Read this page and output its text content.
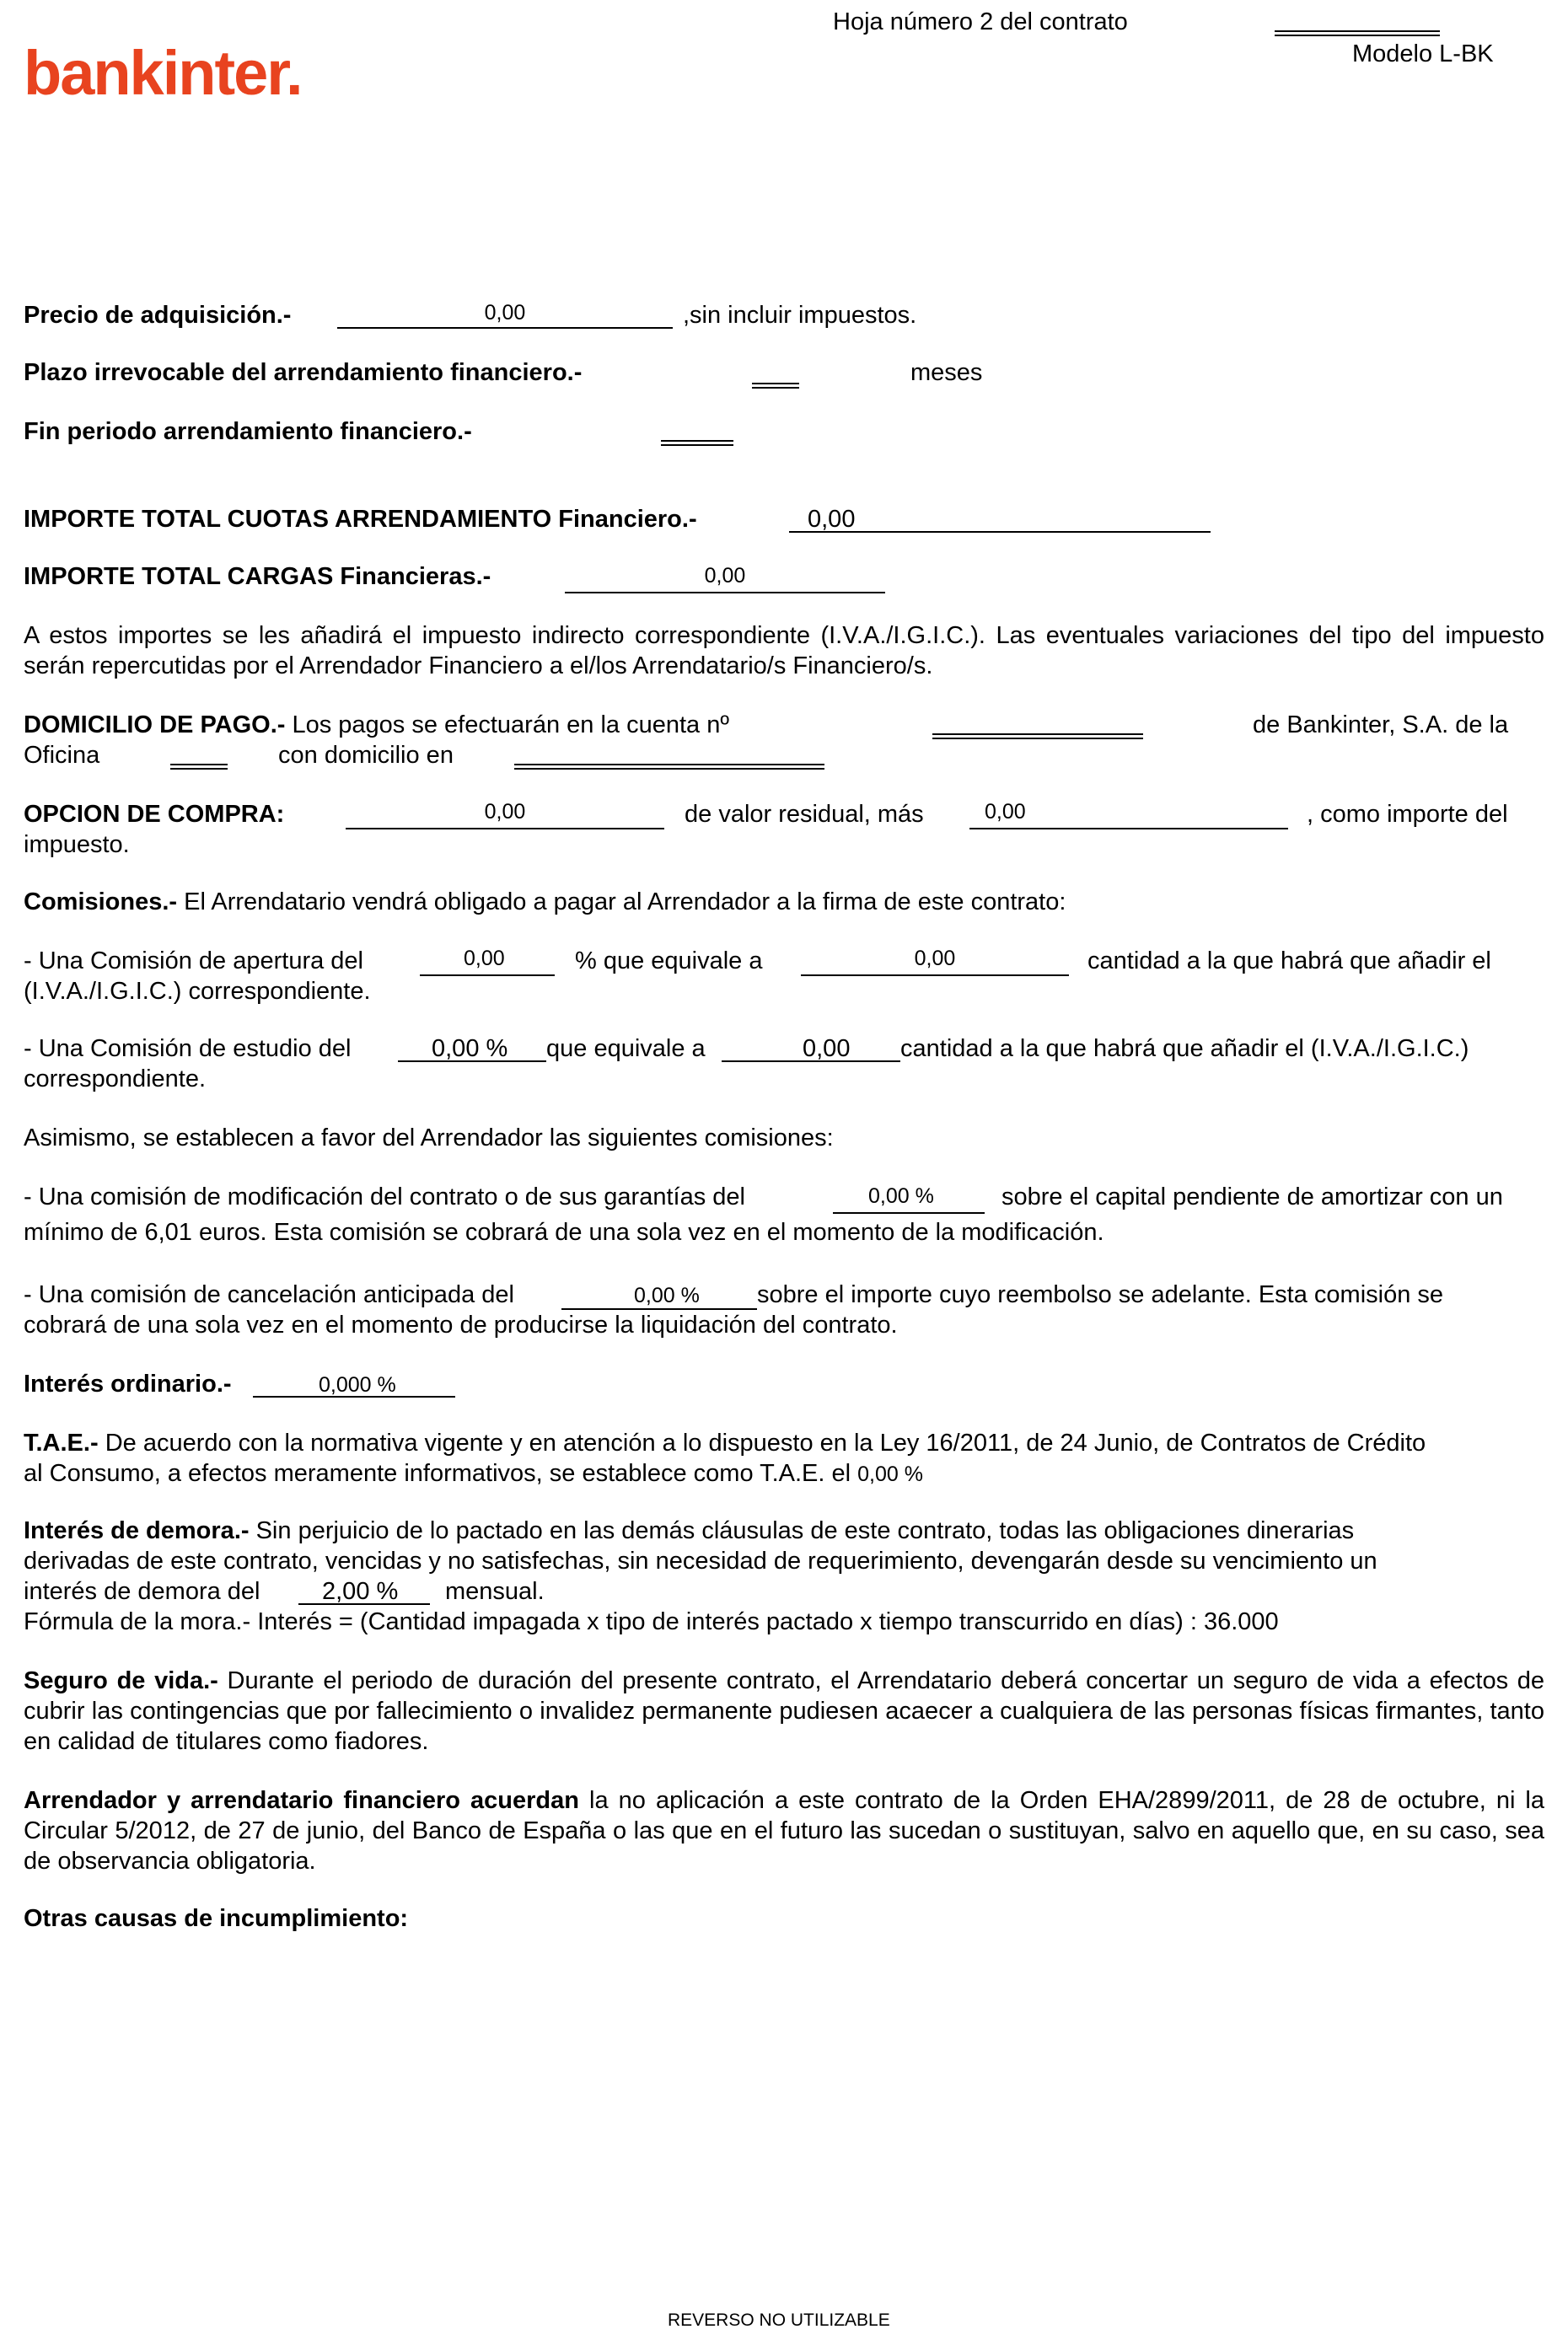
bankinter.
Hoja número 2 del contrato
Modelo L-BK
Precio de adquisición.-	0,00	,sin incluir impuestos.
Plazo irrevocable del arrendamiento financiero.-	meses
Fin periodo arrendamiento financiero.-
IMPORTE TOTAL CUOTAS ARRENDAMIENTO Financiero.-	0,00
IMPORTE TOTAL CARGAS Financieras.-	0,00
A estos importes se les añadirá el impuesto indirecto correspondiente (I.V.A./I.G.I.C.). Las eventuales variaciones del tipo del impuesto serán repercutidas por el Arrendador Financiero a el/los Arrendatario/s Financiero/s.
DOMICILIO DE PAGO.- Los pagos se efectuarán en la cuenta nº	de Bankinter, S.A. de la
Oficina	con domicilio en
OPCION DE COMPRA:	0,00	de valor residual, más	0,00	, como importe del
impuesto.
Comisiones.- El Arrendatario vendrá obligado a pagar al Arrendador a la firma de este contrato:
- Una Comisión de apertura del	0,00	% que equivale a	0,00	cantidad a la que habrá que añadir el
(I.V.A./I.G.I.C.) correspondiente.
- Una Comisión de estudio del	0,00 % que equivale a	0,00 cantidad a la que habrá que añadir el (I.V.A./I.G.I.C.)
correspondiente.
Asimismo, se establecen a favor del Arrendador las siguientes comisiones:
- Una comisión de modificación del contrato o de sus garantías del	0,00 %	sobre el capital pendiente de amortizar con un
mínimo de 6,01 euros. Esta comisión se cobrará de una sola vez en el momento de la modificación.
- Una comisión de cancelación anticipada del	0,00 % sobre el importe cuyo reembolso se adelante. Esta comisión se
cobrará de una sola vez en el momento de producirse la liquidación del contrato.
Interés ordinario.-	0,000 %
T.A.E.- De acuerdo con la normativa vigente y en atención a lo dispuesto en la Ley 16/2011, de 24 Junio, de Contratos de Crédito
al Consumo, a efectos meramente informativos, se establece como T.A.E. el 0,00 %
Interés de demora.- Sin perjuicio de lo pactado en las demás cláusulas de este contrato, todas las obligaciones dinerarias
derivadas de este contrato, vencidas y no satisfechas, sin necesidad de requerimiento, devengarán desde su vencimiento un
interés de demora del	2,00 % mensual.
Fórmula de la mora.- Interés = (Cantidad impagada x tipo de interés pactado x tiempo transcurrido en días) : 36.000
Seguro de vida.- Durante el periodo de duración del presente contrato, el Arrendatario deberá concertar un seguro de vida a efectos de cubrir las contingencias que por fallecimiento o invalidez permanente pudiesen acaecer a cualquiera de las personas físicas firmantes, tanto en calidad de titulares como fiadores.
Arrendador y arrendatario financiero acuerdan la no aplicación a este contrato de la Orden EHA/2899/2011, de 28 de octubre, ni la Circular 5/2012, de 27 de junio, del Banco de España o las que en el futuro las sucedan o sustituyan, salvo en aquello que, en su caso, sea de observancia obligatoria.
Otras causas de incumplimiento:
REVERSO NO UTILIZABLE
